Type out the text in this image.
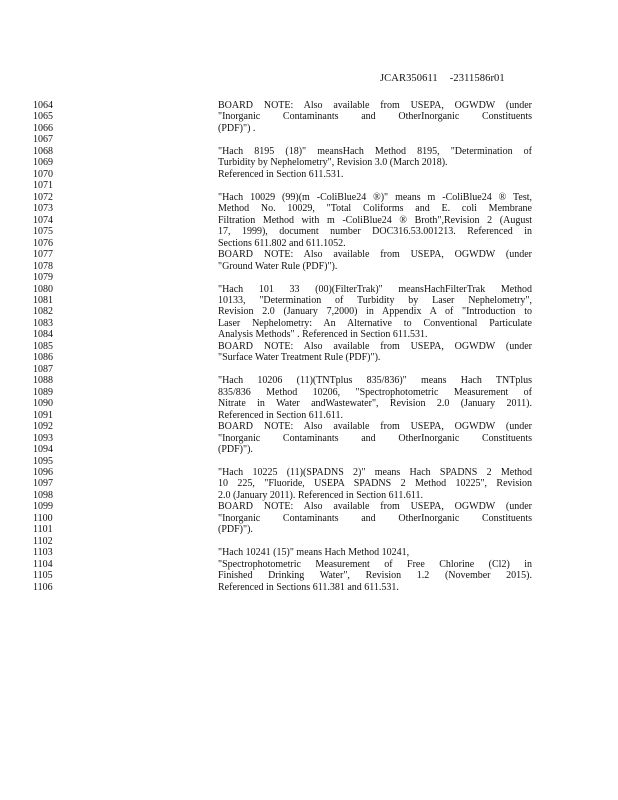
JCAR350611 -2311586r01
1064	BOARD NOTE: Also available from USEPA, OGWDW (under
1065	"Inorganic Contaminants and OtherInorganic Constituents
1066	(PDF)") .
1067
1068	"Hach 8195 (18)" meansHach Method 8195, "Determination of
1069	Turbidity by Nephelometry", Revision 3.0 (March 2018).
1070	Referenced in Section 611.531.
1071
1072	"Hach 10029 (99)(m -ColiBlue24 ®)" means m -ColiBlue24 ® Test,
1073	Method No. 10029, "Total Coliforms and E. coli Membrane
1074	Filtration Method with m -ColiBlue24 ® Broth",Revision 2 (August
1075	17, 1999), document number DOC316.53.001213. Referenced in
1076	Sections 611.802 and 611.1052.
1077	BOARD NOTE: Also available from USEPA, OGWDW (under
1078	"Ground Water Rule (PDF)").
1079
1080	"Hach 101 33 (00)(FilterTrak)" meansHachFilterTrak Method
1081	10133, "Determination of Turbidity by Laser Nephelometry",
1082	Revision 2.0 (January 7,2000) in Appendix A of "Introduction to
1083	Laser Nephelometry: An Alternative to Conventional Particulate
1084	Analysis Methods" . Referenced in Section 611.531.
1085	BOARD NOTE: Also available from USEPA, OGWDW (under
1086	"Surface Water Treatment Rule (PDF)").
1087
1088	"Hach 10206 (11)(TNTplus 835/836)" means Hach TNTplus
1089	835/836 Method 10206, "Spectrophotometric Measurement of
1090	Nitrate in Water andWastewater", Revision 2.0 (January 2011).
1091	Referenced in Section 611.611.
1092	BOARD NOTE: Also available from USEPA, OGWDW (under
1093	"Inorganic Contaminants and OtherInorganic Constituents
1094	(PDF)").
1095
1096	"Hach 10225 (11)(SPADNS 2)" means Hach SPADNS 2 Method
1097	10 225, "Fluoride, USEPA SPADNS 2 Method 10225", Revision
1098	2.0 (January 2011). Referenced in Section 611.611.
1099	BOARD NOTE: Also available from USEPA, OGWDW (under
1100	"Inorganic Contaminants and OtherInorganic Constituents
1101	(PDF)").
1102
1103	"Hach 10241 (15)" means Hach Method 10241,
1104	"Spectrophotometric Measurement of Free Chlorine (Cl2) in
1105	Finished Drinking Water", Revision 1.2 (November 2015).
1106	Referenced in Sections 611.381 and 611.531.
